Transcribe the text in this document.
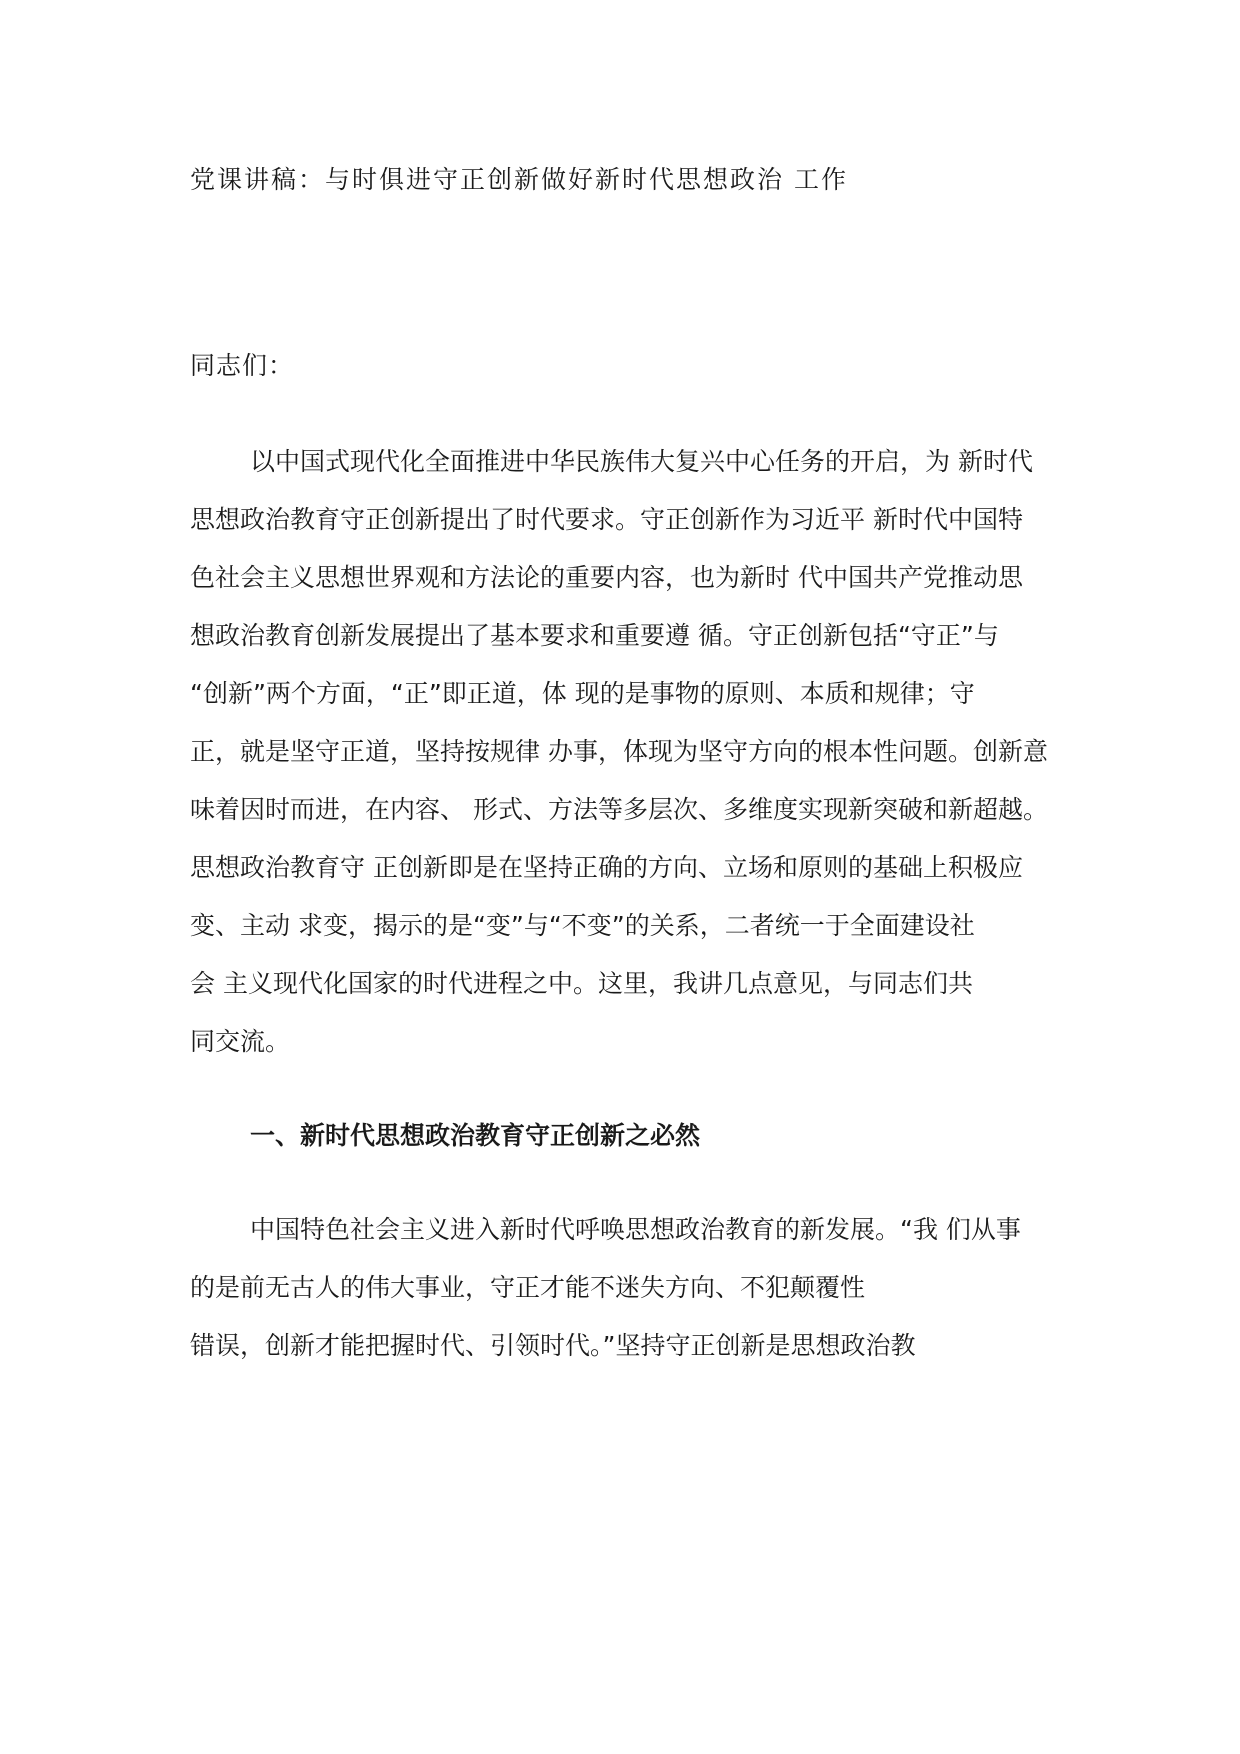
党课讲稿：与时俱进守正创新做好新时代思想政治 工作
同志们：
以中国式现代化全面推进中华民族伟大复兴中心任务的开启，为 新时代
思想政治教育守正创新提出了时代要求。守正创新作为习近平 新时代中国特
色社会主义思想世界观和方法论的重要内容，也为新时 代中国共产党推动思
想政治教育创新发展提出了基本要求和重要遵 循。守正创新包括“守正”与
“创新”两个方面，“正”即正道，体 现的是事物的原则、本质和规律；守
正，就是坚守正道，坚持按规律 办事，体现为坚守方向的根本性问题。创新意
味着因时而进，在内容、 形式、方法等多层次、多维度实现新突破和新超越。
思想政治教育守 正创新即是在坚持正确的方向、立场和原则的基础上积极应
变、主动 求变，揭示的是“变”与“不变”的关系，二者统一于全面建设社
会 主义现代化国家的时代进程之中。这里，我讲几点意见，与同志们共
同交流。
一、新时代思想政治教育守正创新之必然
中国特色社会主义进入新时代呼唤思想政治教育的新发展。“我 们从事
的是前无古人的伟大事业，守正才能不迷失方向、不犯颠覆性
错误，创新才能把握时代、引领时代。”坚持守正创新是思想政治教
